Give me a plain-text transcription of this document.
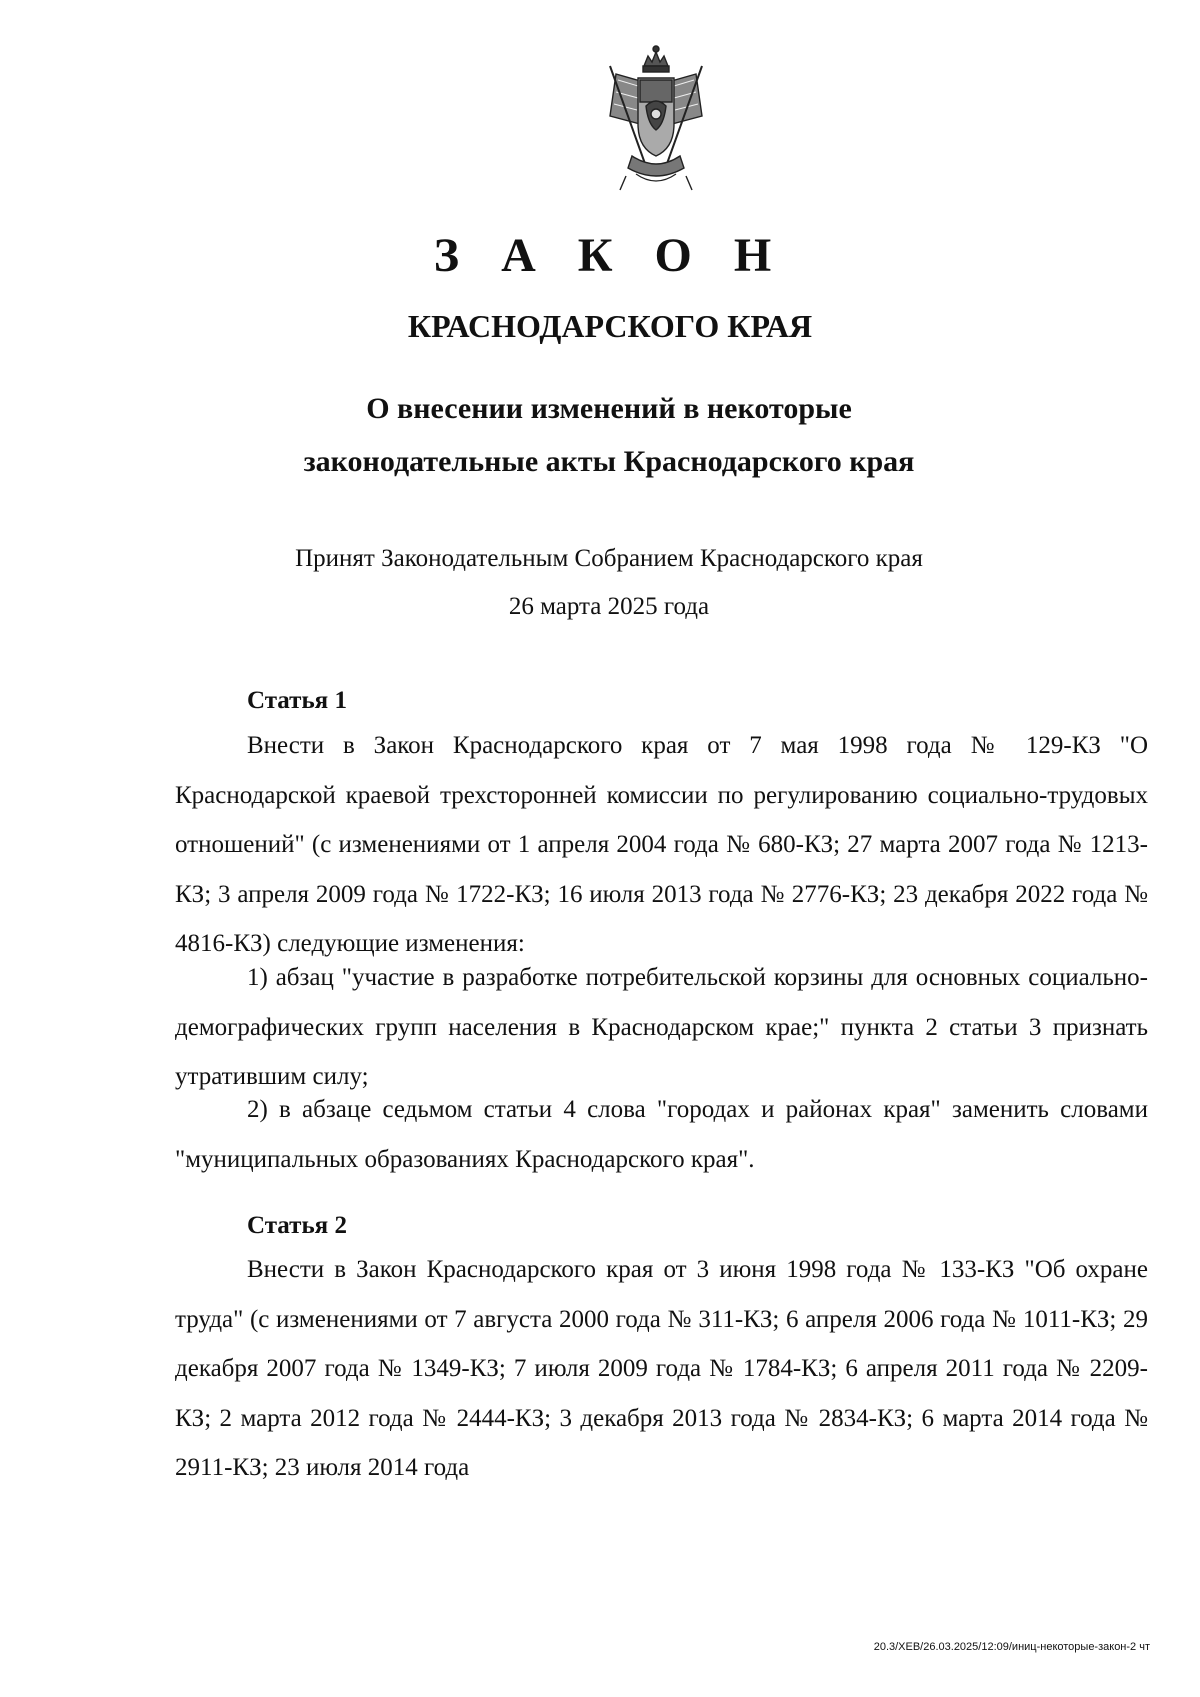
З А К О Н
КРАСНОДАРСКОГО КРАЯ
О внесении изменений в некоторые
законодательные акты Краснодарского края
Принят Законодательным Собранием Краснодарского края
26 марта 2025 года
Статья 1

Внести в Закон Краснодарского края от 7 мая 1998 года № 129-КЗ "О Краснодарской краевой трехсторонней комиссии по регулированию социально-трудовых отношений" (с изменениями от 1 апреля 2004 года № 680-КЗ; 27 марта 2007 года № 1213-КЗ; 3 апреля 2009 года № 1722-КЗ; 16 июля 2013 года № 2776-КЗ; 23 декабря 2022 года № 4816-КЗ) следующие изменения:

1) абзац "участие в разработке потребительской корзины для основных социально-демографических групп населения в Краснодарском крае;" пункта 2 статьи 3 признать утратившим силу;

2) в абзаце седьмом статьи 4 слова "городах и районах края" заменить словами "муниципальных образованиях Краснодарского края".

Статья 2

Внести в Закон Краснодарского края от 3 июня 1998 года № 133-КЗ "Об охране труда" (с изменениями от 7 августа 2000 года № 311-КЗ; 6 апреля 2006 года № 1011-КЗ; 29 декабря 2007 года № 1349-КЗ; 7 июля 2009 года № 1784-КЗ; 6 апреля 2011 года № 2209-КЗ; 2 марта 2012 года № 2444-КЗ; 3 декабря 2013 года № 2834-КЗ; 6 марта 2014 года № 2911-КЗ; 23 июля 2014 года

20.3/ХЕВ/26.03.2025/12:09/иниц-некоторые-закон-2 чт
